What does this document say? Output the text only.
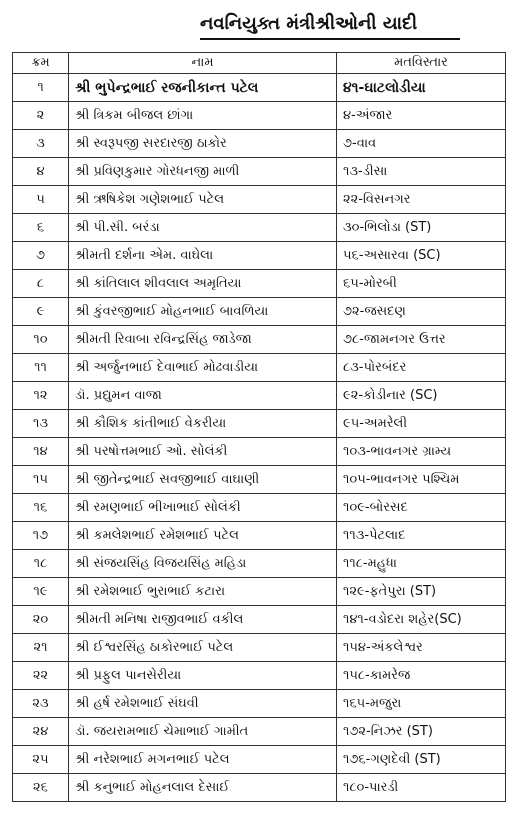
નવનિયુક્ત મંત્રીશ્રીઓની યાદી
ક્રમ	નામ	મતવિસ્તાર
૧	શ્રી ભુપેન્દ્રભાઈ રજનીકાન્ત પટેલ	૪૧-ઘાટલોડીયા
૨	શ્રી ત્રિકમ બીજલ છાંગા	૪-અંજાર
૩	શ્રી સ્વરૂપજી સરદારજી ઠાકોર	૭-વાવ
૪	શ્રી પ્રવિણકુમાર ગોરધનજી માળી	૧૩-ડીસા
૫	શ્રી ઋષિકેશ ગણેશભાઈ પટેલ	૨૨-વિસનગર
૬	શ્રી પી.સી. બરંડા	૩૦-ભિલોડા (ST)
૭	શ્રીમતી દર્શના એમ. વાઘેલા	૫૬-અસારવા (SC)
૮	શ્રી કાંતિલાલ શીવલાલ અમૃતિયા	૬૫-મોરબી
૯	શ્રી કુંવરજીભાઈ મોહનભાઈ બાવળિયા	૭૨-જસદણ
૧૦	શ્રીમતી રિવાબા રવિન્દ્રસિંહ જાડેજા	૭૮-જામનગર ઉત્તર
૧૧	શ્રી અર્જુનભાઈ દેવાભાઈ મોઢવાડીયા	૮૩-પોરબંદર
૧૨	ડૉ. પ્રદ્યુમન વાજા	૯૨-કોડીનાર (SC)
૧૩	શ્રી કૌશિક કાંતીભાઈ વેકરીયા	૯૫-અમરેલી
૧૪	શ્રી પરષોત્તમભાઈ ઓ. સોલંકી	૧૦૩-ભાવનગર ગ્રામ્ય
૧૫	શ્રી જીતેન્દ્રભાઈ સવજીભાઈ વાઘાણી	૧૦૫-ભાવનગર પશ્ચિમ
૧૬	શ્રી રમણભાઈ ભીખાભાઈ સોલંકી	૧૦૯-બોરસદ
૧૭	શ્રી કમલેશભાઈ રમેશભાઈ પટેલ	૧૧૩-પેટલાદ
૧૮	શ્રી સંજયસિંહ વિજયસિંહ મહિડા	૧૧૮-મહુધા
૧૯	શ્રી રમેશભાઈ ભુરાભાઈ કટારા	૧૨૯-ફતેપુરા (ST)
૨૦	શ્રીમતી મનિષા રાજીવભાઈ વકીલ	૧૪૧-વડોદરા શહેર(SC)
૨૧	શ્રી ઈશ્વરસિંહ ઠાકોરભાઈ પટેલ	૧૫૪-અંકલેશ્વર
૨૨	શ્રી પ્રફુલ પાનસેરીયા	૧૫૮-કામરેજ
૨૩	શ્રી હર્ષ રમેશભાઈ સંઘવી	૧૬૫-મજુરા
૨૪	ડૉ. જયરામભાઈ ચેમાભાઈ ગામીત	૧૭૨-નિઝર (ST)
૨૫	શ્રી નરેશભાઈ મગનભાઈ પટેલ	૧૭૬-ગણદેવી (ST)
૨૬	શ્રી કનુભાઈ મોહનલાલ દેસાઈ	૧૮૦-પારડી
